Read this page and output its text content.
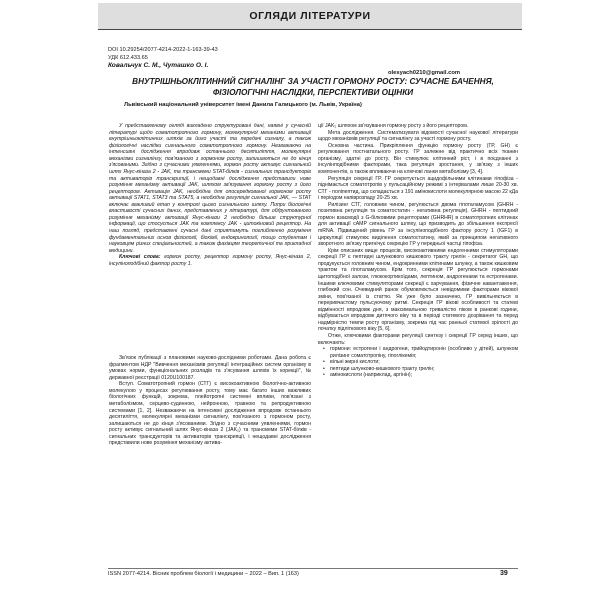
ОГЛЯДИ ЛІТЕРАТУРИ
DOI 10.29254/2077-4214-2022-1-163-39-43
УДК 612.433.65
Ковальчук С. М., Чуташко О. І.
olesyach0210@gmail.com
ВНУТРІШНЬОКЛІТИННИЙ СИГНАЛІНГ ЗА УЧАСТІ ГОРМОНУ РОСТУ: СУЧАСНЕ БАЧЕННЯ, ФІЗІОЛОГІЧНІ НАСЛІДКИ, ПЕРСПЕКТИВИ ОЦІНКИ
Львівський національний університет імені Данила Галицького (м. Львів, Україна)

У представленому огляді викладено структуровані дані, наявні у сучасній літературі щодо соматотропного гормону, молекулярної механізми активації внутрішньоклітинних шляхів за його участі та передачі сигналу, а також фізіологічні наслідки сигнального соматотропного гормону. Незважаючи на інтенсивні дослідження впродовж останнього десятиліття, молекулярні механізми сигналінгу, пов'язаного з гормоном росту, залишаються не до кінця з'ясованими. Згідно з сучасними уявленнями, гормон росту активує сигнальний шлях Янус-кіназа 2 - JAK, та трансмеми STAT-білків - сигнальних трансдукторів та активаторів транскрипції, і нещодавні дослідження представили нове розуміння механізму активації JAK, шляхом зв'язування гормону росту з його рецептором. Активація JAK, необхідна для опосередкованої гормоном росту активації STAT1, STAT3 та STAT5, а необхідна регуляція сигнальної JAK, — STAT включає важливий етап у контролі цього сигнального шляху. Попри біологічні властивості сучасних даних, представлених у літературі, для обґрунтованого розуміння механізму активації Янус-кінази 2 необхідно більше структурної інформації, що стосується JAK та комплексу JAK - цитокіновий рецептор. На наш погляд, представлені сучасні дані сприятимуть поглибленню розуміння фундаментальних основ фізіології, біохімії, ендокринології, тощо студентам і науковцям різних спеціальностей, а також фахівцям теоретичної та прикладної медицини.

Ключові слова: гормон росту, рецептор гормону росту, Янус-кіназа 2, інсуліноподібний фактор росту 1.

Зв'язок публікації з плановими науково-дослідними роботами. Дана робота є фрагментом НДР "Вивчення механізмів регуляції інтеграційних систем організму в умовах норми, функціональних розладів та з'ясування шляхів їх корекції", № державної реєстрації 0120U100187.

Вступ. Соматотропний гормон (СТГ) є високоактивною біологічно-активною молекулою у процесах регулювання росту, тому має багато інших важливих біологічних функцій, зокрема, плейотропні системні впливи, пов'язані з метаболізмом, серцево-судинною, нейронною, травною та репродуктивною системами [1, 2]. Незважаючи на інтенсивні дослідження впродовж останнього десятиліття, молекулярні механізми сигналінгу, пов'язаного з гормоном росту, залишаються не до кінця з'ясованими. Згідно з сучасними уявленнями, гормон росту активує сигнальний шлях Янус-кіназа 2 (JAK₂) та трансмеми STAT-білків - сигнальних трансдукторів та активаторів транскрипції, і нещодавні дослідження представили нове розуміння механізму актива-

ції JAK₂ шляхом зв'язування гормону росту з його рецептором.

Мета дослідження. Систематизувати відомості сучасної наукової літератури щодо механізмів регуляції та сигналінгу за участі гормону росту.

Основна частина. Прикріплення функцію гормону росту (ГР, GH) є регулювання постнатального росту. ГР залежне від практично всіх тканин організму, здатні до росту. Він стимулює клітинний ріст, і в поєднанні з інсулінподібними факторами, така регуляція зростання, у зв'язку з інших компонентів, а також впливаючи на ключові ланки метаболізму [3, 4].

Регуляція секреції ГР. ГР секретується ацидофільними клітинами гіпофіза - піднімається соматотропів у пульсаційному режимі з інтервалами лише 20-30 хв. СТГ - поліпептид, що складається з 191 амінокислоти молекулярною масою 22 кДа і періодом напіврозпаду 20-25 хв.

Рилізинг СТГ, головним чином, регулюється двома гіпоталамусом (GHRH - позитивна регуляція та соматостатин - негативна регуляція). GHRH - пептидний гормон взаємодії з G-білковими рецепторами (GHRHR) в соматотропних клітинах для активації cAMP сигнального шляху, що призводить до збільшення експресії mRNA. Підвищений рівень ГР за інсуліноподібного фактору росту 1 (IGF1) в циркуляції стимулює виділення соматостатину, який за принципом негативного зворотного зв'язку пригнічує секрецію ГР у передньої частці гіпофіза.

Крім описаних вище процесів, високоактивними ендогенними стимуляторами секреції ГР є пептидні шлункового кишкового тракту грелін - секретагог GH, що продукується головним чином, ендокринними клітинами шлунку, а також кишковим трактом та гіпоталамусом. Крім того, секреція ГР регулюється гормонами щитоподібної залози, глюкокортикоїдами, лептином, андрогенами та естрогенами. Іншими ключовими стимуляторами секреції є харчування, фізичне навантаження, глибокий сон. Очевидний ранок обумовлюється невідомими факторами вікової зміни, пов'язаної із статтю. Як уже було зазначено, ГР вивільняється в переривчастому пульсуючому ритмі. Секреція ГР вікові особливості та статеві відмінності впродовж дня, з максимальною тривалістю піком в ранкові години, відбувається впродовж дитячого віку та в періоді статевого дозрівання та перед надмірністю темпи росту організму, зокрема під час ранньої статевої зрілості до початку підліткового віку [5, 6].

Отже, ключовими факторами регуляції синтезу і секреції ГР серед інших, що включають:

• гормони: естрогени і андрогени, трийодтиронін (особливо у дітей), шлунком рилізинг соматотропіну, гіпоглікемія;
• вільні жирні кислоти;
• пептиди шлунково-кишкового тракту грелін;
• амінокислоти (наприклад, аргінін);
ISSN 2077-4214. Вісник проблем біології і медицини – 2022 – Вип. 1 (163)	39
